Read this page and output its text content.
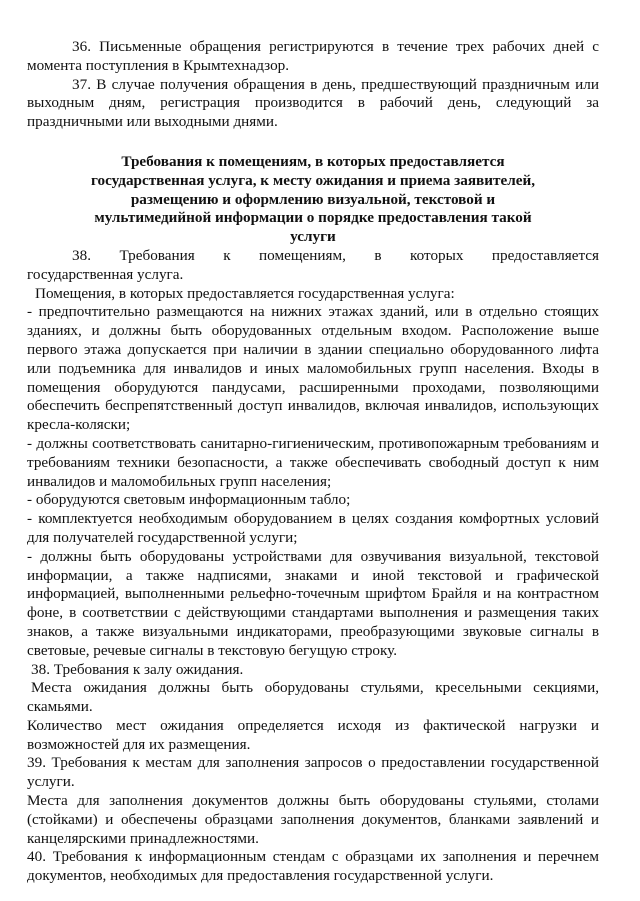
36. Письменные обращения регистрируются в течение трех рабочих дней с момента поступления в Крымтехнадзор.

37. В случае получения обращения в день, предшествующий праздничным или выходным дням, регистрация производится в рабочий день, следующий за праздничными или выходными днями.

Требования к помещениям, в которых предоставляется государственная услуга, к месту ожидания и приема заявителей, размещению и оформлению визуальной, текстовой и мультимедийной информации о порядке предоставления такой услуги

38. Требования к помещениям, в которых предоставляется

государственная услуга.

Помещения, в которых предоставляется государственная услуга:

- предпочтительно размещаются на нижних этажах зданий, или в отдельно стоящих зданиях, и должны быть оборудованных отдельным входом. Расположение выше первого этажа допускается при наличии в здании специально оборудованного лифта или подъемника для инвалидов и иных маломобильных групп населения. Входы в помещения оборудуются пандусами, расширенными проходами, позволяющими обеспечить беспрепятственный доступ инвалидов, включая инвалидов, использующих кресла-коляски;

- должны соответствовать санитарно-гигиеническим, противопожарным требованиям и требованиям техники безопасности, а также обеспечивать свободный доступ к ним инвалидов и маломобильных групп населения;

- оборудуются световым информационным табло;

- комплектуется необходимым оборудованием в целях создания комфортных условий для получателей государственной услуги;

- должны быть оборудованы устройствами для озвучивания визуальной, текстовой информации, а также надписями, знаками и иной текстовой и графической информацией, выполненными рельефно-точечным шрифтом Брайля и на контрастном фоне, в соответствии с действующими стандартами выполнения и размещения таких знаков, а также визуальными индикаторами, преобразующими звуковые сигналы в световые, речевые сигналы в текстовую бегущую строку.

38. Требования к залу ожидания.

Места ожидания должны быть оборудованы стульями, кресельными секциями, скамьями.

Количество мест ожидания определяется исходя из фактической нагрузки и возможностей для их размещения.

39. Требования к местам для заполнения запросов о предоставлении государственной услуги.

Места для заполнения документов должны быть оборудованы стульями, столами (стойками) и обеспечены образцами заполнения документов, бланками заявлений и канцелярскими принадлежностями.

40. Требования к информационным стендам с образцами их заполнения и перечнем документов, необходимых для предоставления государственной услуги.
